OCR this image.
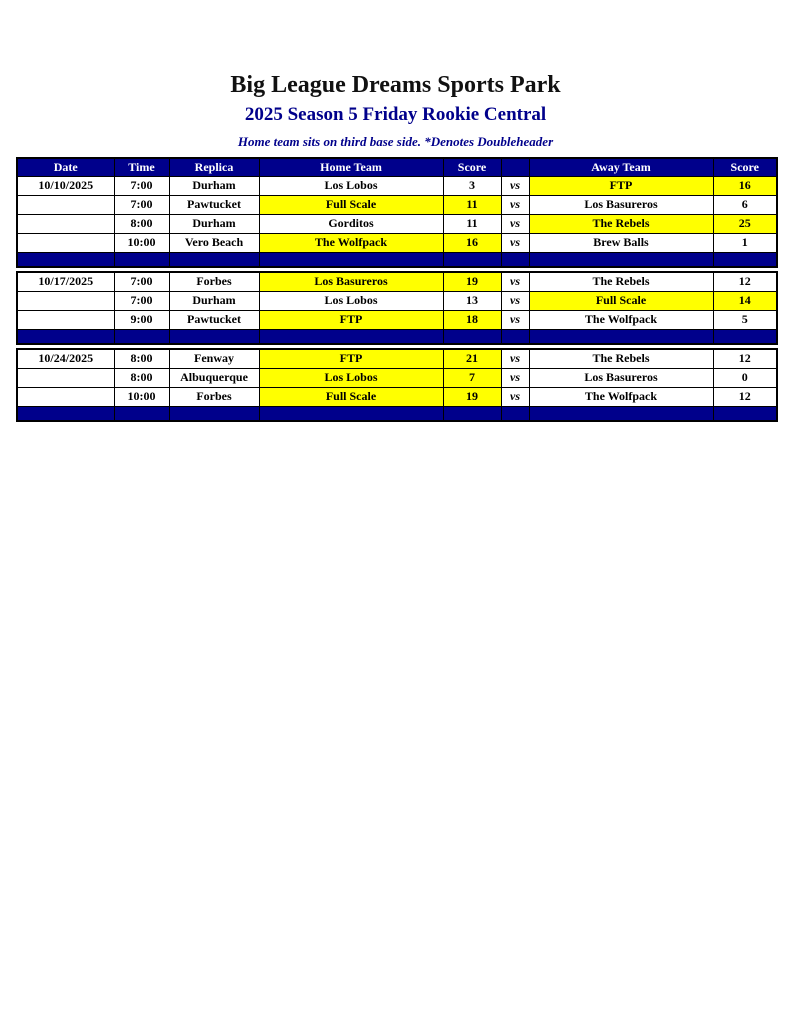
Big League Dreams Sports Park
2025 Season 5 Friday Rookie Central
Home team sits on third base side. *Denotes Doubleheader
Date	Time	Replica	Home Team	Score		Away Team	Score
10/10/2025	7:00	Durham	Los Lobos	3	vs	FTP	16
	7:00	Pawtucket	Full Scale	11	vs	Los Basureros	6
	8:00	Durham	Gorditos	11	vs	The Rebels	25
	10:00	Vero Beach	The Wolfpack	16	vs	Brew Balls	1

10/17/2025	7:00	Forbes	Los Basureros	19	vs	The Rebels	12
	7:00	Durham	Los Lobos	13	vs	Full Scale	14
	9:00	Pawtucket	FTP	18	vs	The Wolfpack	5

10/24/2025	8:00	Fenway	FTP	21	vs	The Rebels	12
	8:00	Albuquerque	Los Lobos	7	vs	Los Basureros	0
	10:00	Forbes	Full Scale	19	vs	The Wolfpack	12
